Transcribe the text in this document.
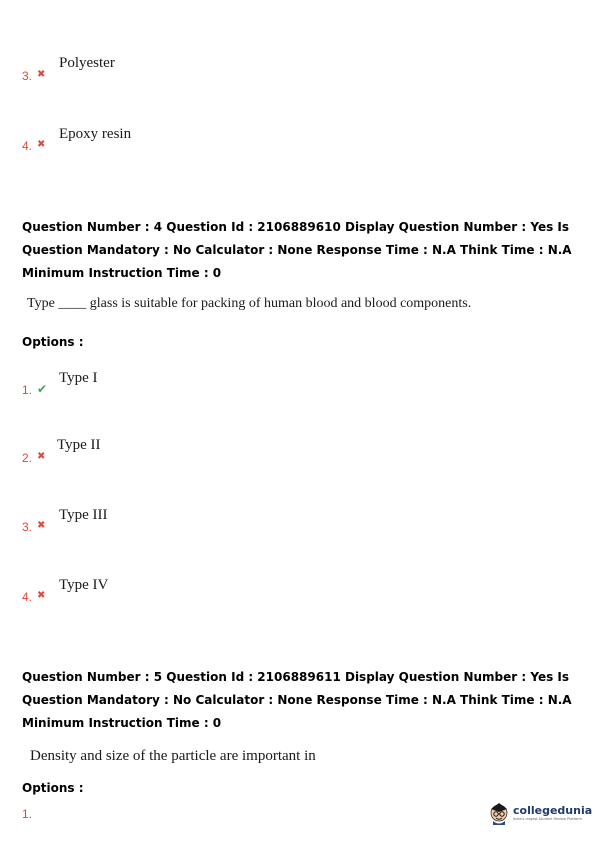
3. ✖
Polyester
4. ✖
Epoxy resin
Question Number : 4 Question Id : 2106889610 Display Question Number : Yes Is Question Mandatory : No Calculator : None Response Time : N.A Think Time : N.A Minimum Instruction Time : 0
Type ____ glass is suitable for packing of human blood and blood components.
Options :
1. ✔
Type I
2. ✖
Type II
3. ✖
Type III
4. ✖
Type IV
Question Number : 5 Question Id : 2106889611 Display Question Number : Yes Is Question Mandatory : No Calculator : None Response Time : N.A Think Time : N.A Minimum Instruction Time : 0
Density and size of the particle are important in
Options :
1.	collegedunia
India's largest Student Review Platform
